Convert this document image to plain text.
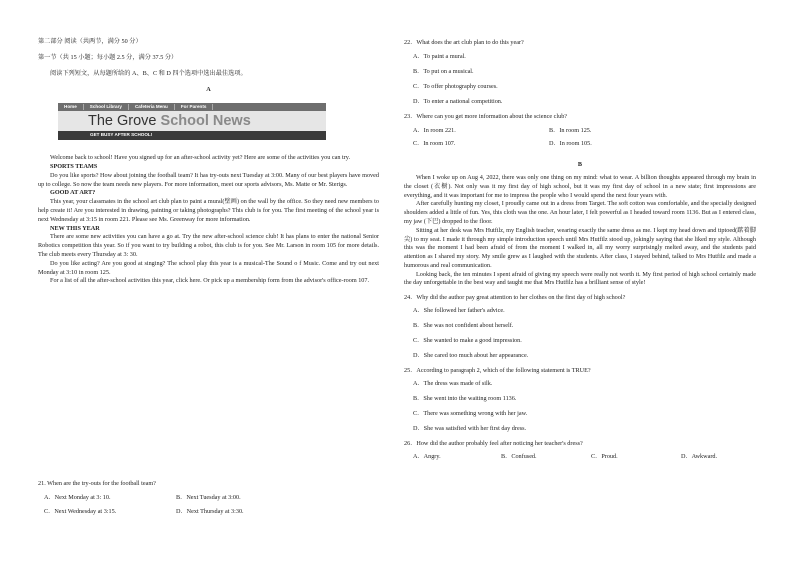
第二部分 阅读（共两节，满分 50 分）

第一节（共 15 小题；每小题 2.5 分，满分 37.5 分）

阅读下列短文，从每题所给的 A、B、C 和 D 四个选项中选出最佳选项。

A

Home	School Library	Cafeteria Menu	For Parents
The Grove
School News
GET BUSY AFTER SCHOOL!

Welcome back to school! Have you signed up for an after-school activity yet? Here are some of the activities you can try.

SPORTS TEAMS

Do you like sports? How about joining the football team? It has try-outs next Tuesday at 3:00. Many of our best players have moved up to college. So now the team needs new players. For more information, meet our sports advisors, Ms. Matte or Mr. Sterigs.

GOOD AT ART?

This year, your classmates in the school art club plan to paint a mural(壁画) on the wall by the office. So they need new members to help create it! Are you interested in drawing, painting or taking photographs? This club is for you. The first meeting of the school year is next Wednesday at 3:15 in room 221. Please see Ms. Greenway for more information.

NEW THIS YEAR

There are some new activities you can have a go at. Try the new after-school science club! It has plans to enter the national Senior Robotics competition this year. So if you want to try building a robot, this club is for you. See Mr. Larson in room 105 for more details. The club meets every Thursday at 3: 30.

Do you like acting? Are you good at singing? The school play this year is a musical-The Sound o f Music. Come and try out next Monday at 3:10 in room 125.

For a list of all the after-school activities this year, click here. Or pick up a membership form from the advisor's office-room 107.

21. When are the try-outs for the football team?

A．Next Monday at 3: 10.	B．Next Tuesday at 3:00.
C．Next Wednesday at 3:15.	D．Next Thursday at 3:30.

22．What does the art club plan to do this year?

A．To paint a mural.

B．To put on a musical.

C．To offer photography courses.

D．To enter a national competition.

23．Where can you get more information about the science club?

A．In room 221.	B．In room 125.
C．In room 107.	D．In room 105.

B

When I woke up on Aug 4, 2022, there was only one thing on my mind: what to wear. A billion thoughts appeared through my brain in the closet (衣橱). Not only was it my first day of high school, but it was my first day of school in a new state; first impressions are everything, and it was important for me to impress the people who I would spend the next four years with.

After carefully hunting my closet, I proudly came out in a dress from Target. The soft cotton was comfortable, and the specially designed shoulders added a little of fun. Yes, this cloth was the one. An hour later, I felt powerful as I headed toward room 1136. But as I entered class, my jaw (下巴) dropped to the floor.

Sitting at her desk was Mrs Hutfilz, my English teacher, wearing exactly the same dress as me. I kept my head down and tiptoed(踮着脚尖) to my seat. I made it through my simple introduction speech until Mrs Hutfilz stood up, jokingly saying that she liked my style. Although this was the moment I had been afraid of from the moment I walked in, all my worry surprisingly melted away, and the students paid attention as I shared my story. My smile grew as I laughed with the students. After class, I stayed behind, talked to Mrs Hutfilz and made a humorous and real communication.

Looking back, the ten minutes I spent afraid of giving my speech were really not worth it. My first period of high school certainly made the day unforgettable in the best way and taught me that Mrs Hutfilz has a brilliant sense of style!

24．Why did the author pay great attention to her clothes on the first day of high school?

A．She followed her father's advice.

B．She was not confident about herself.

C．She wanted to make a good impression.

D．She cared too much about her appearance.

25．According to paragraph 2, which of the following statement is TRUE?

A．The dress was made of silk.

B．She went into the waiting room 1136.

C．There was something wrong with her jaw.

D．She was satisfied with her first day dress.

26．How did the author probably feel after noticing her teacher's dress?

A．Angry.	B．Confused.	C．Proud.	D．Awkward.
